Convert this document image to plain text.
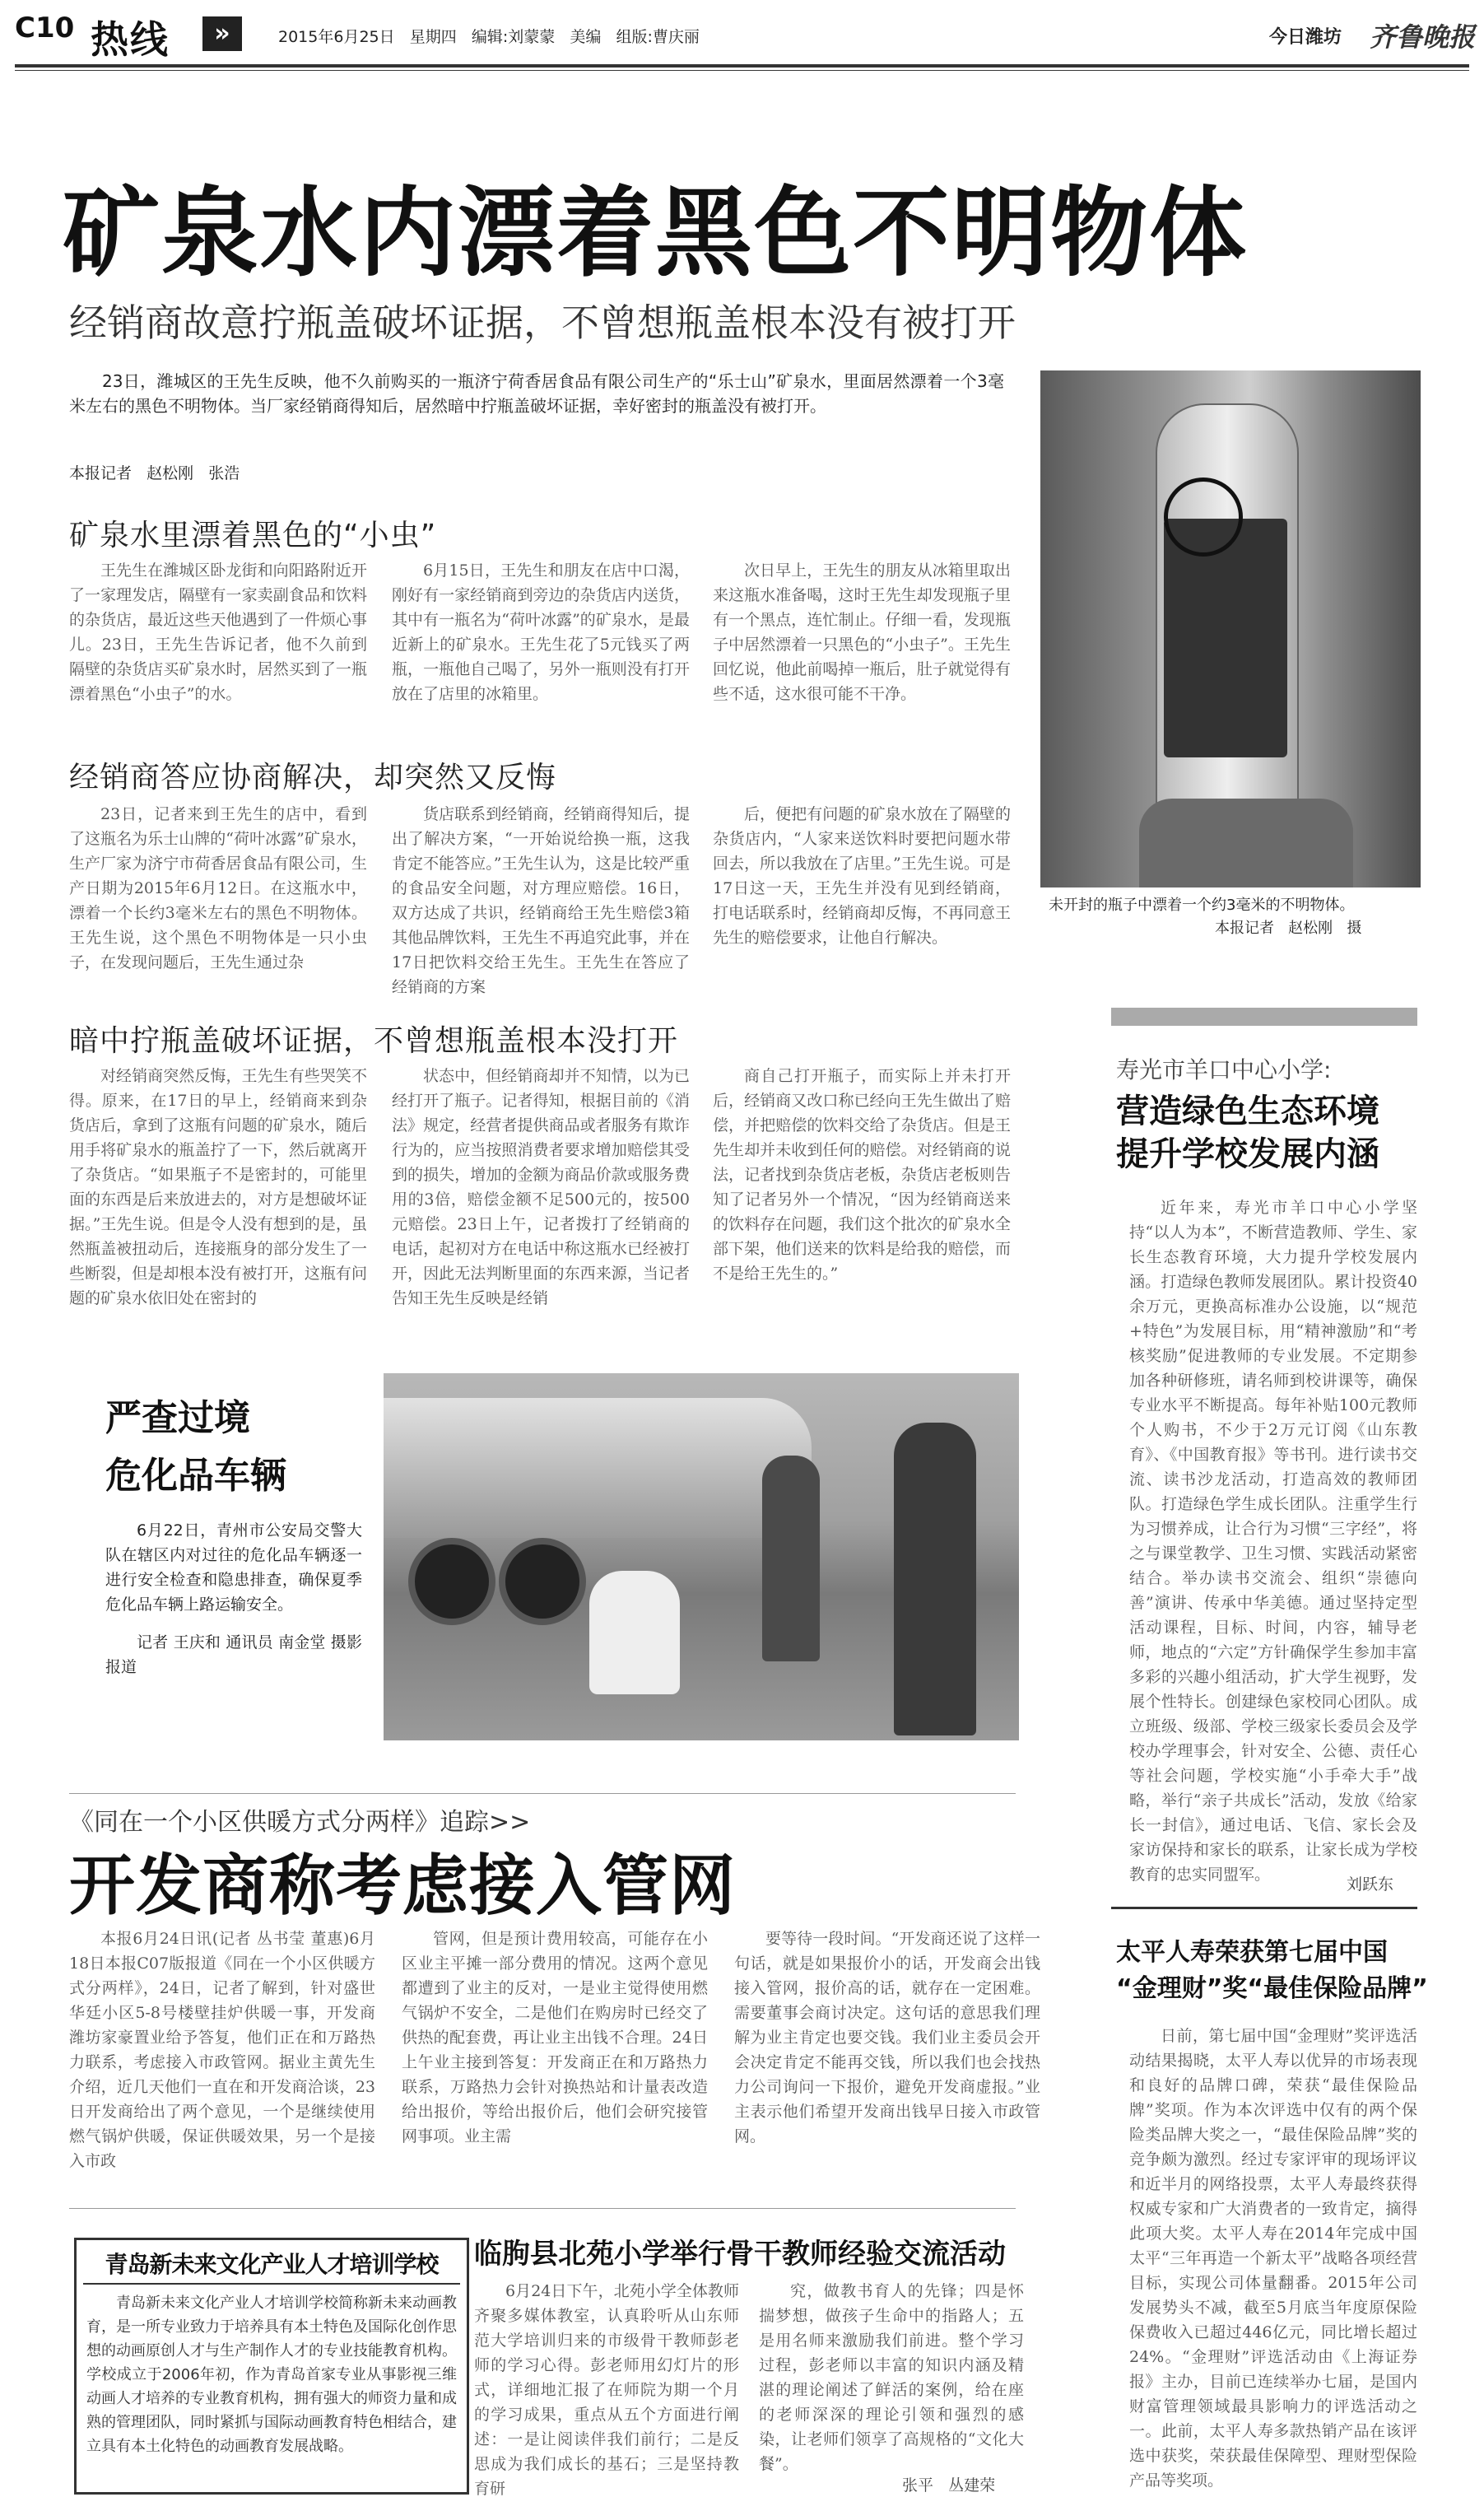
C10 热线	»	2015年6月25日   星期四   编辑:刘蒙蒙   美编   组版:曹庆丽	今日潍坊 齐鲁晚报
矿泉水内漂着黑色不明物体
经销商故意拧瓶盖破坏证据，不曾想瓶盖根本没有被打开

23日，潍城区的王先生反映，他不久前购买的一瓶济宁荷香居食品有限公司生产的“乐士山”矿泉水，里面居然漂着一个3毫米左右的黑色不明物体。当厂家经销商得知后，居然暗中拧瓶盖破坏证据，幸好密封的瓶盖没有被打开。

本报记者   赵松刚   张浩
未开封的瓶子中漂着一个约3毫米的不明物体。
本报记者   赵松刚   摄
矿泉水里漂着黑色的“小虫”

王先生在潍城区卧龙街和向阳路附近开了一家理发店，隔壁有一家卖副食品和饮料的杂货店，最近这些天他遇到了一件烦心事儿。23日，王先生告诉记者，他不久前到隔壁的杂货店买矿泉水时，居然买到了一瓶漂着黑色“小虫子”的水。

6月15日，王先生和朋友在店中口渴，刚好有一家经销商到旁边的杂货店内送货，其中有一瓶名为“荷叶冰露”的矿泉水，是最近新上的矿泉水。王先生花了5元钱买了两瓶，一瓶他自己喝了，另外一瓶则没有打开放在了店里的冰箱里。

次日早上，王先生的朋友从冰箱里取出来这瓶水准备喝，这时王先生却发现瓶子里有一个黑点，连忙制止。仔细一看，发现瓶子中居然漂着一只黑色的“小虫子”。王先生回忆说，他此前喝掉一瓶后，肚子就觉得有些不适，这水很可能不干净。

经销商答应协商解决，却突然又反悔

23日，记者来到王先生的店中，看到了这瓶名为乐士山牌的“荷叶冰露”矿泉水，生产厂家为济宁市荷香居食品有限公司，生产日期为2015年6月12日。在这瓶水中，漂着一个长约3毫米左右的黑色不明物体。王先生说，这个黑色不明物体是一只小虫子，在发现问题后，王先生通过杂

货店联系到经销商，经销商得知后，提出了解决方案，“一开始说给换一瓶，这我肯定不能答应。”王先生认为，这是比较严重的食品安全问题，对方理应赔偿。16日，双方达成了共识，经销商给王先生赔偿3箱其他品牌饮料，王先生不再追究此事，并在17日把饮料交给王先生。王先生在答应了经销商的方案

后，便把有问题的矿泉水放在了隔壁的杂货店内，“人家来送饮料时要把问题水带回去，所以我放在了店里。”王先生说。可是17日这一天，王先生并没有见到经销商，打电话联系时，经销商却反悔，不再同意王先生的赔偿要求，让他自行解决。

暗中拧瓶盖破坏证据，不曾想瓶盖根本没打开

对经销商突然反悔，王先生有些哭笑不得。原来，在17日的早上，经销商来到杂货店后，拿到了这瓶有问题的矿泉水，随后用手将矿泉水的瓶盖拧了一下，然后就离开了杂货店。“如果瓶子不是密封的，可能里面的东西是后来放进去的，对方是想破坏证据。”王先生说。但是令人没有想到的是，虽然瓶盖被扭动后，连接瓶身的部分发生了一些断裂，但是却根本没有被打开，这瓶有问题的矿泉水依旧处在密封的

状态中，但经销商却并不知情，以为已经打开了瓶子。记者得知，根据目前的《消法》规定，经营者提供商品或者服务有欺诈行为的，应当按照消费者要求增加赔偿其受到的损失，增加的金额为商品价款或服务费用的3倍，赔偿金额不足500元的，按500元赔偿。23日上午，记者拨打了经销商的电话，起初对方在电话中称这瓶水已经被打开，因此无法判断里面的东西来源，当记者告知王先生反映是经销

商自己打开瓶子，而实际上并未打开后，经销商又改口称已经向王先生做出了赔偿，并把赔偿的饮料交给了杂货店。但是王先生却并未收到任何的赔偿。对经销商的说法，记者找到杂货店老板，杂货店老板则告知了记者另外一个情况，“因为经销商送来的饮料存在问题，我们这个批次的矿泉水全部下架，他们送来的饮料是给我的赔偿，而不是给王先生的。”

严查过境
危化品车辆

6月22日，青州市公安局交警大队在辖区内对过往的危化品车辆逐一进行安全检查和隐患排查，确保夏季危化品车辆上路运输安全。

记者 王庆和 通讯员 南金堂 摄影报道

《同在一个小区供暖方式分两样》追踪>>
开发商称考虑接入管网

本报6月24日讯(记者 丛书莹 董惠)6月18日本报C07版报道《同在一个小区供暖方式分两样》，24日，记者了解到，针对盛世华廷小区5-8号楼壁挂炉供暖一事，开发商潍坊家豪置业给予答复，他们正在和万路热力联系，考虑接入市政管网。据业主黄先生介绍，近几天他们一直在和开发商洽谈，23日开发商给出了两个意见，一个是继续使用燃气锅炉供暖，保证供暖效果，另一个是接入市政

管网，但是预计费用较高，可能存在小区业主平摊一部分费用的情况。这两个意见都遭到了业主的反对，一是业主觉得使用燃气锅炉不安全，二是他们在购房时已经交了供热的配套费，再让业主出钱不合理。24日上午业主接到答复：开发商正在和万路热力联系，万路热力会针对换热站和计量表改造给出报价，等给出报价后，他们会研究接管网事项。业主需

要等待一段时间。“开发商还说了这样一句话，就是如果报价小的话，开发商会出钱接入管网，报价高的话，就存在一定困难。需要董事会商讨决定。这句话的意思我们理解为业主肯定也要交钱。我们业主委员会开会决定肯定不能再交钱，所以我们也会找热力公司询问一下报价，避免开发商虚报。”业主表示他们希望开发商出钱早日接入市政管网。

青岛新未来文化产业人才培训学校

青岛新未来文化产业人才培训学校简称新未来动画教育，是一所专业致力于培养具有本土特色及国际化创作思想的动画原创人才与生产制作人才的专业技能教育机构。学校成立于2006年初，作为青岛首家专业从事影视三维动画人才培养的专业教育机构，拥有强大的师资力量和成熟的管理团队，同时紧抓与国际动画教育特色相结合，建立具有本土化特色的动画教育发展战略。

临朐县北苑小学举行骨干教师经验交流活动

6月24日下午，北苑小学全体教师齐聚多媒体教室，认真聆听从山东师范大学培训归来的市级骨干教师彭老师的学习心得。彭老师用幻灯片的形式，详细地汇报了在师院为期一个月的学习成果，重点从五个方面进行阐述：一是让阅读伴我们前行；二是反思成为我们成长的基石；三是坚持教育研

究，做教书育人的先锋；四是怀揣梦想，做孩子生命中的指路人；五是用名师来激励我们前进。整个学习过程，彭老师以丰富的知识内涵及精湛的理论阐述了鲜活的案例，给在座的老师深深的理论引领和强烈的感染，让老师们领享了高规格的“文化大餐”。

张平   丛建荣
寿光市羊口中心小学:
营造绿色生态环境
提升学校发展内涵

近年来，寿光市羊口中心小学坚持“以人为本”，不断营造教师、学生、家长生态教育环境，大力提升学校发展内涵。打造绿色教师发展团队。累计投资40余万元，更换高标准办公设施，以“规范+特色”为发展目标，用“精神激励”和“考核奖励”促进教师的专业发展。不定期参加各种研修班，请名师到校讲课等，确保专业水平不断提高。每年补贴100元教师个人购书，不少于2万元订阅《山东教育》、《中国教育报》等书刊。进行读书交流、读书沙龙活动，打造高效的教师团队。打造绿色学生成长团队。注重学生行为习惯养成，让合行为习惯“三字经”，将之与课堂教学、卫生习惯、实践活动紧密结合。举办读书交流会、组织“崇德向善”演讲、传承中华美德。通过坚持定型活动课程，目标、时间，内容，辅导老师，地点的“六定”方针确保学生参加丰富多彩的兴趣小组活动，扩大学生视野，发展个性特长。创建绿色家校同心团队。成立班级、级部、学校三级家长委员会及学校办学理事会，针对安全、公德、责任心等社会问题，学校实施“小手牵大手”战略，举行“亲子共成长”活动，发放《给家长一封信》，通过电话、飞信、家长会及家访保持和家长的联系，让家长成为学校教育的忠实同盟军。

刘跃东
太平人寿荣获第七届中国
“金理财”奖“最佳保险品牌”

日前，第七届中国“金理财”奖评选活动结果揭晓，太平人寿以优异的市场表现和良好的品牌口碑，荣获“最佳保险品牌”奖项。作为本次评选中仅有的两个保险类品牌大奖之一，“最佳保险品牌”奖的竞争颇为激烈。经过专家评审的现场评议和近半月的网络投票，太平人寿最终获得权威专家和广大消费者的一致肯定，摘得此项大奖。太平人寿在2014年完成中国太平“三年再造一个新太平”战略各项经营目标，实现公司体量翻番。2015年公司发展势头不减，截至5月底当年度原保险保费收入已超过446亿元，同比增长超过24%。“金理财”评选活动由《上海证券报》主办，目前已连续举办七届，是国内财富管理领域最具影响力的评选活动之一。此前，太平人寿多款热销产品在该评选中获奖，荣获最佳保障型、理财型保险产品等奖项。
